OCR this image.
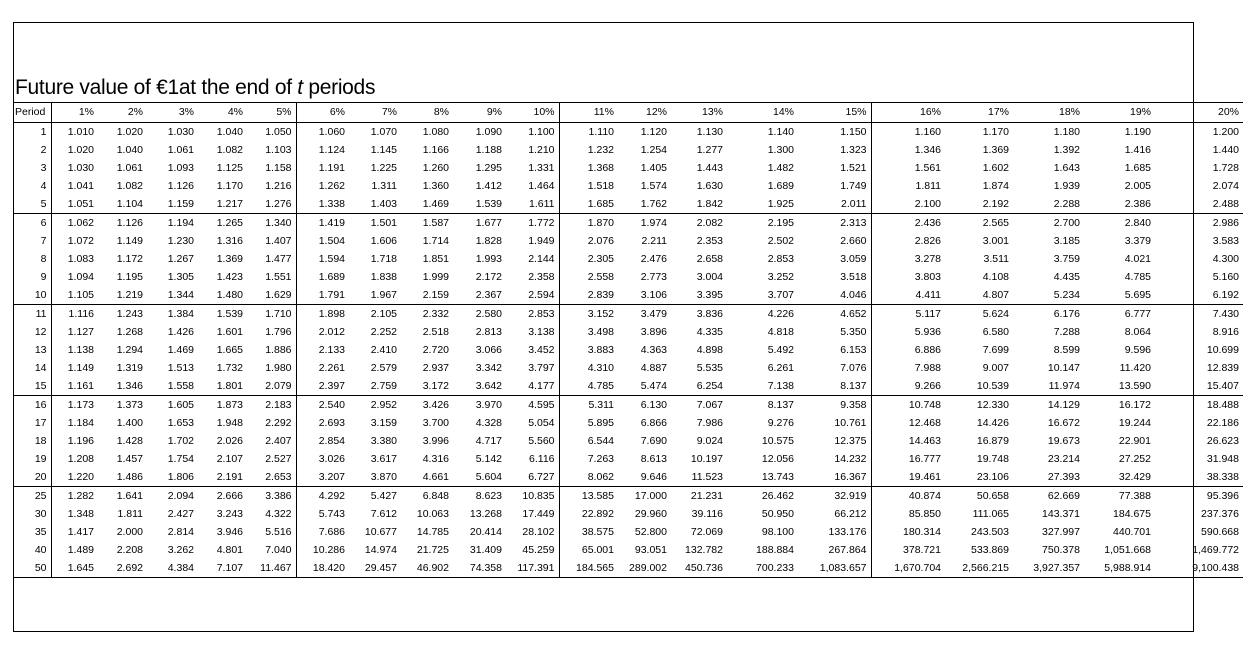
Future value of €1at the end of t periods
Period	1%	2%	3%	4%	5%	6%	7%	8%	9%	10%	11%	12%	13%	14%	15%	16%	17%	18%	19%	20%
1	1.010	1.020	1.030	1.040	1.050	1.060	1.070	1.080	1.090	1.100	1.110	1.120	1.130	1.140	1.150	1.160	1.170	1.180	1.190	1.200
2	1.020	1.040	1.061	1.082	1.103	1.124	1.145	1.166	1.188	1.210	1.232	1.254	1.277	1.300	1.323	1.346	1.369	1.392	1.416	1.440
3	1.030	1.061	1.093	1.125	1.158	1.191	1.225	1.260	1.295	1.331	1.368	1.405	1.443	1.482	1.521	1.561	1.602	1.643	1.685	1.728
4	1.041	1.082	1.126	1.170	1.216	1.262	1.311	1.360	1.412	1.464	1.518	1.574	1.630	1.689	1.749	1.811	1.874	1.939	2.005	2.074
5	1.051	1.104	1.159	1.217	1.276	1.338	1.403	1.469	1.539	1.611	1.685	1.762	1.842	1.925	2.011	2.100	2.192	2.288	2.386	2.488
6	1.062	1.126	1.194	1.265	1.340	1.419	1.501	1.587	1.677	1.772	1.870	1.974	2.082	2.195	2.313	2.436	2.565	2.700	2.840	2.986
7	1.072	1.149	1.230	1.316	1.407	1.504	1.606	1.714	1.828	1.949	2.076	2.211	2.353	2.502	2.660	2.826	3.001	3.185	3.379	3.583
8	1.083	1.172	1.267	1.369	1.477	1.594	1.718	1.851	1.993	2.144	2.305	2.476	2.658	2.853	3.059	3.278	3.511	3.759	4.021	4.300
9	1.094	1.195	1.305	1.423	1.551	1.689	1.838	1.999	2.172	2.358	2.558	2.773	3.004	3.252	3.518	3.803	4.108	4.435	4.785	5.160
10	1.105	1.219	1.344	1.480	1.629	1.791	1.967	2.159	2.367	2.594	2.839	3.106	3.395	3.707	4.046	4.411	4.807	5.234	5.695	6.192
11	1.116	1.243	1.384	1.539	1.710	1.898	2.105	2.332	2.580	2.853	3.152	3.479	3.836	4.226	4.652	5.117	5.624	6.176	6.777	7.430
12	1.127	1.268	1.426	1.601	1.796	2.012	2.252	2.518	2.813	3.138	3.498	3.896	4.335	4.818	5.350	5.936	6.580	7.288	8.064	8.916
13	1.138	1.294	1.469	1.665	1.886	2.133	2.410	2.720	3.066	3.452	3.883	4.363	4.898	5.492	6.153	6.886	7.699	8.599	9.596	10.699
14	1.149	1.319	1.513	1.732	1.980	2.261	2.579	2.937	3.342	3.797	4.310	4.887	5.535	6.261	7.076	7.988	9.007	10.147	11.420	12.839
15	1.161	1.346	1.558	1.801	2.079	2.397	2.759	3.172	3.642	4.177	4.785	5.474	6.254	7.138	8.137	9.266	10.539	11.974	13.590	15.407
16	1.173	1.373	1.605	1.873	2.183	2.540	2.952	3.426	3.970	4.595	5.311	6.130	7.067	8.137	9.358	10.748	12.330	14.129	16.172	18.488
17	1.184	1.400	1.653	1.948	2.292	2.693	3.159	3.700	4.328	5.054	5.895	6.866	7.986	9.276	10.761	12.468	14.426	16.672	19.244	22.186
18	1.196	1.428	1.702	2.026	2.407	2.854	3.380	3.996	4.717	5.560	6.544	7.690	9.024	10.575	12.375	14.463	16.879	19.673	22.901	26.623
19	1.208	1.457	1.754	2.107	2.527	3.026	3.617	4.316	5.142	6.116	7.263	8.613	10.197	12.056	14.232	16.777	19.748	23.214	27.252	31.948
20	1.220	1.486	1.806	2.191	2.653	3.207	3.870	4.661	5.604	6.727	8.062	9.646	11.523	13.743	16.367	19.461	23.106	27.393	32.429	38.338
25	1.282	1.641	2.094	2.666	3.386	4.292	5.427	6.848	8.623	10.835	13.585	17.000	21.231	26.462	32.919	40.874	50.658	62.669	77.388	95.396
30	1.348	1.811	2.427	3.243	4.322	5.743	7.612	10.063	13.268	17.449	22.892	29.960	39.116	50.950	66.212	85.850	111.065	143.371	184.675	237.376
35	1.417	2.000	2.814	3.946	5.516	7.686	10.677	14.785	20.414	28.102	38.575	52.800	72.069	98.100	133.176	180.314	243.503	327.997	440.701	590.668
40	1.489	2.208	3.262	4.801	7.040	10.286	14.974	21.725	31.409	45.259	65.001	93.051	132.782	188.884	267.864	378.721	533.869	750.378	1,051.668	1,469.772
50	1.645	2.692	4.384	7.107	11.467	18.420	29.457	46.902	74.358	117.391	184.565	289.002	450.736	700.233	1,083.657	1,670.704	2,566.215	3,927.357	5,988.914	9,100.438
